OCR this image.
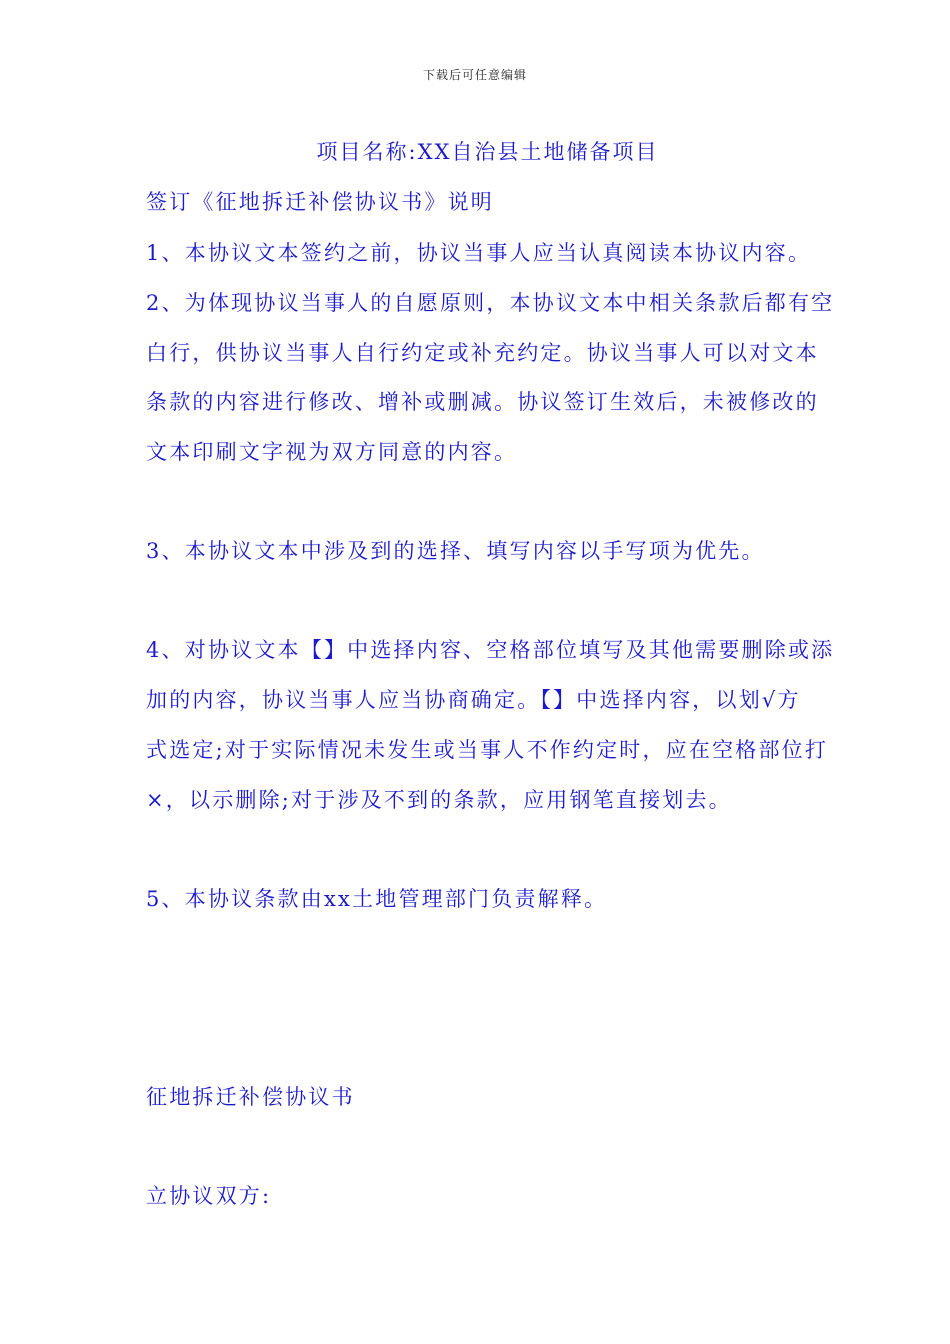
下载后可任意编辑
项目名称:XX自治县土地储备项目
签订《征地拆迁补偿协议书》说明
1、本协议文本签约之前，协议当事人应当认真阅读本协议内容。
2、为体现协议当事人的自愿原则，本协议文本中相关条款后都有空
白行，供协议当事人自行约定或补充约定。协议当事人可以对文本
条款的内容进行修改、增补或删减。协议签订生效后，未被修改的
文本印刷文字视为双方同意的内容。
3、本协议文本中涉及到的选择、填写内容以手写项为优先。
4、对协议文本【】中选择内容、空格部位填写及其他需要删除或添
加的内容，协议当事人应当协商确定。【】中选择内容，以划√方
式选定;对于实际情况未发生或当事人不作约定时，应在空格部位打
×，以示删除;对于涉及不到的条款，应用钢笔直接划去。
5、本协议条款由xx土地管理部门负责解释。
征地拆迁补偿协议书
立协议双方:
